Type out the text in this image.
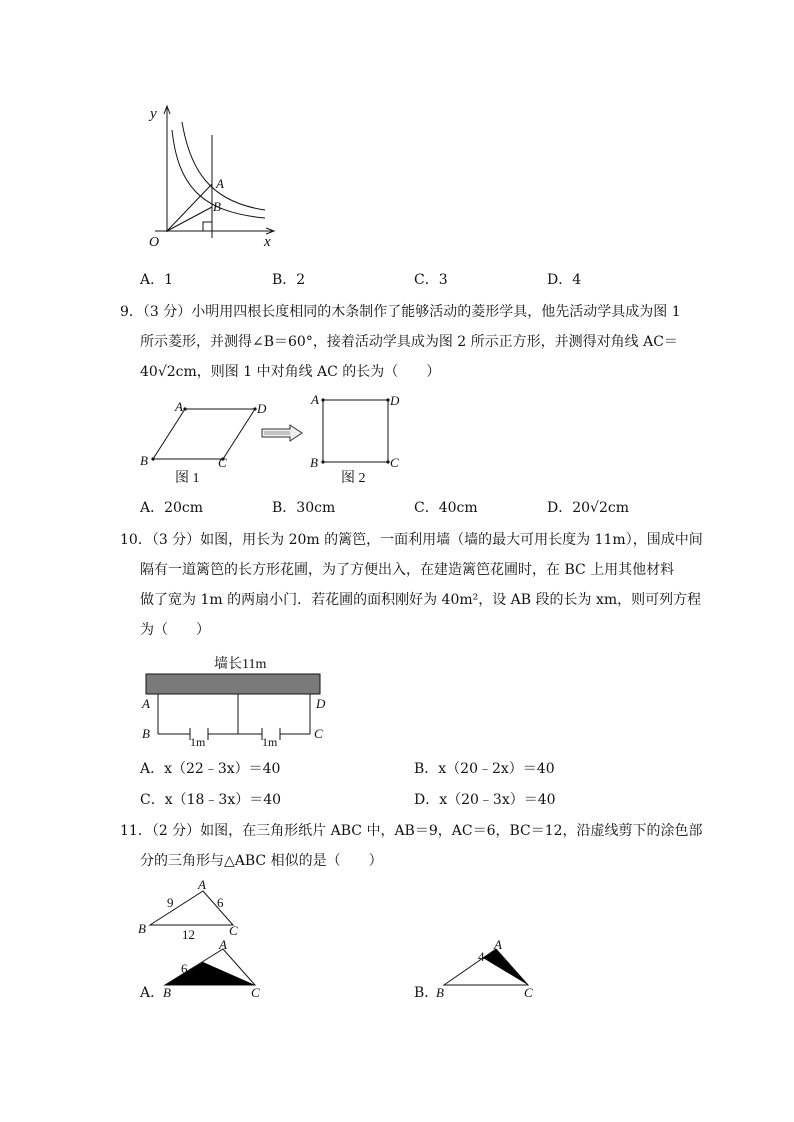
y
x
O
A
B
A．1	B．2	C．3	D．4
9．（3 分）小明用四根长度相同的木条制作了能够活动的菱形学具，他先活动学具成为图 1
所示菱形，并测得∠B＝60°，接着活动学具成为图 2 所示正方形，并测得对角线 AC＝
40√2cm，则图 1 中对角线 AC 的长为（　　）
A	D
B	C
图 1
A	D
B	C
图 2
A．20cm	B．30cm	C．40cm	D．20√2cm
10．（3 分）如图，用长为 20m 的篱笆，一面利用墙（墙的最大可用长度为 11m），围成中间
隔有一道篱笆的长方形花圃，为了方便出入，在建造篱笆花圃时，在 BC 上用其他材料
做了宽为 1m 的两扇小门．若花圃的面积刚好为 40m²，设 AB 段的长为 xm，则可列方程
为（　　）
墙长11m
A	D
B	C
1m	1m
A．x（22﹣3x）＝40	B．x（20﹣2x）＝40
C．x（18﹣3x）＝40	D．x（20﹣3x）＝40
11．（2 分）如图，在三角形纸片 ABC 中，AB＝9，AC＝6，BC＝12，沿虚线剪下的涂色部
分的三角形与△ABC 相似的是（　　）
A
B	C
9	6
12
A．
A
B	C
6
B．
A
B	C
4
